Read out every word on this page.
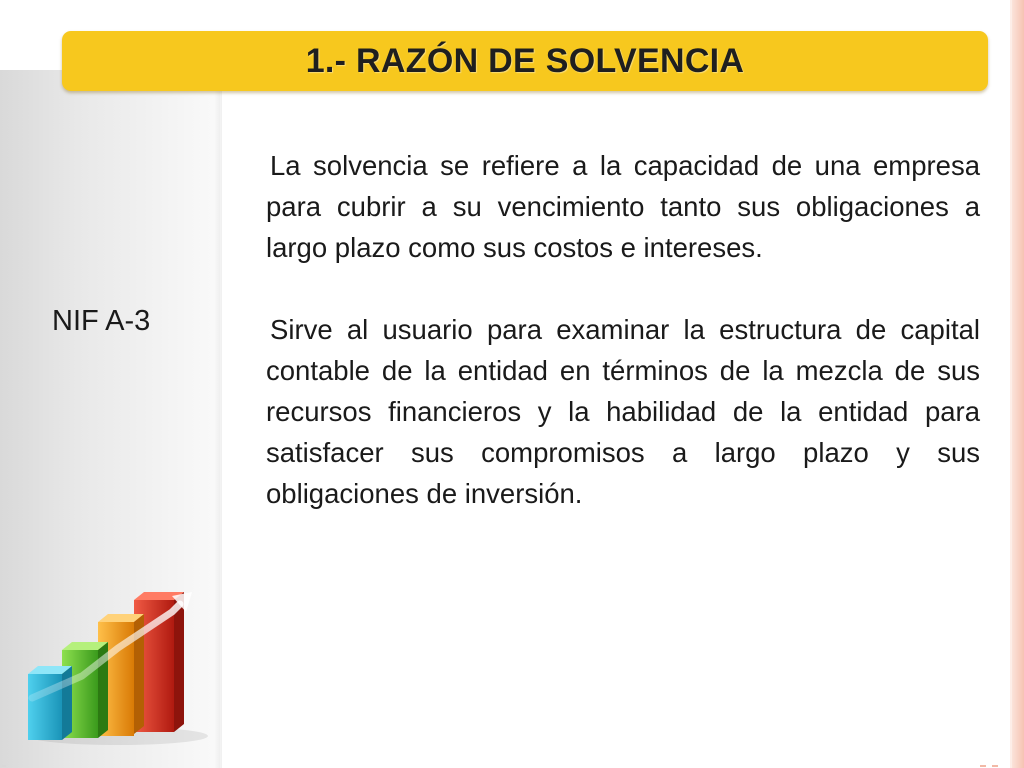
1.- RAZÓN DE SOLVENCIA
NIF A-3

La solvencia se refiere a la capacidad de una empresa para cubrir a su vencimiento tanto sus obligaciones a largo plazo como sus costos e intereses.

Sirve al usuario para examinar la estructura de capital contable de la entidad en términos de la mezcla de sus recursos financieros y la habilidad de la entidad para satisfacer sus compromisos a largo plazo y sus obligaciones de inversión.
